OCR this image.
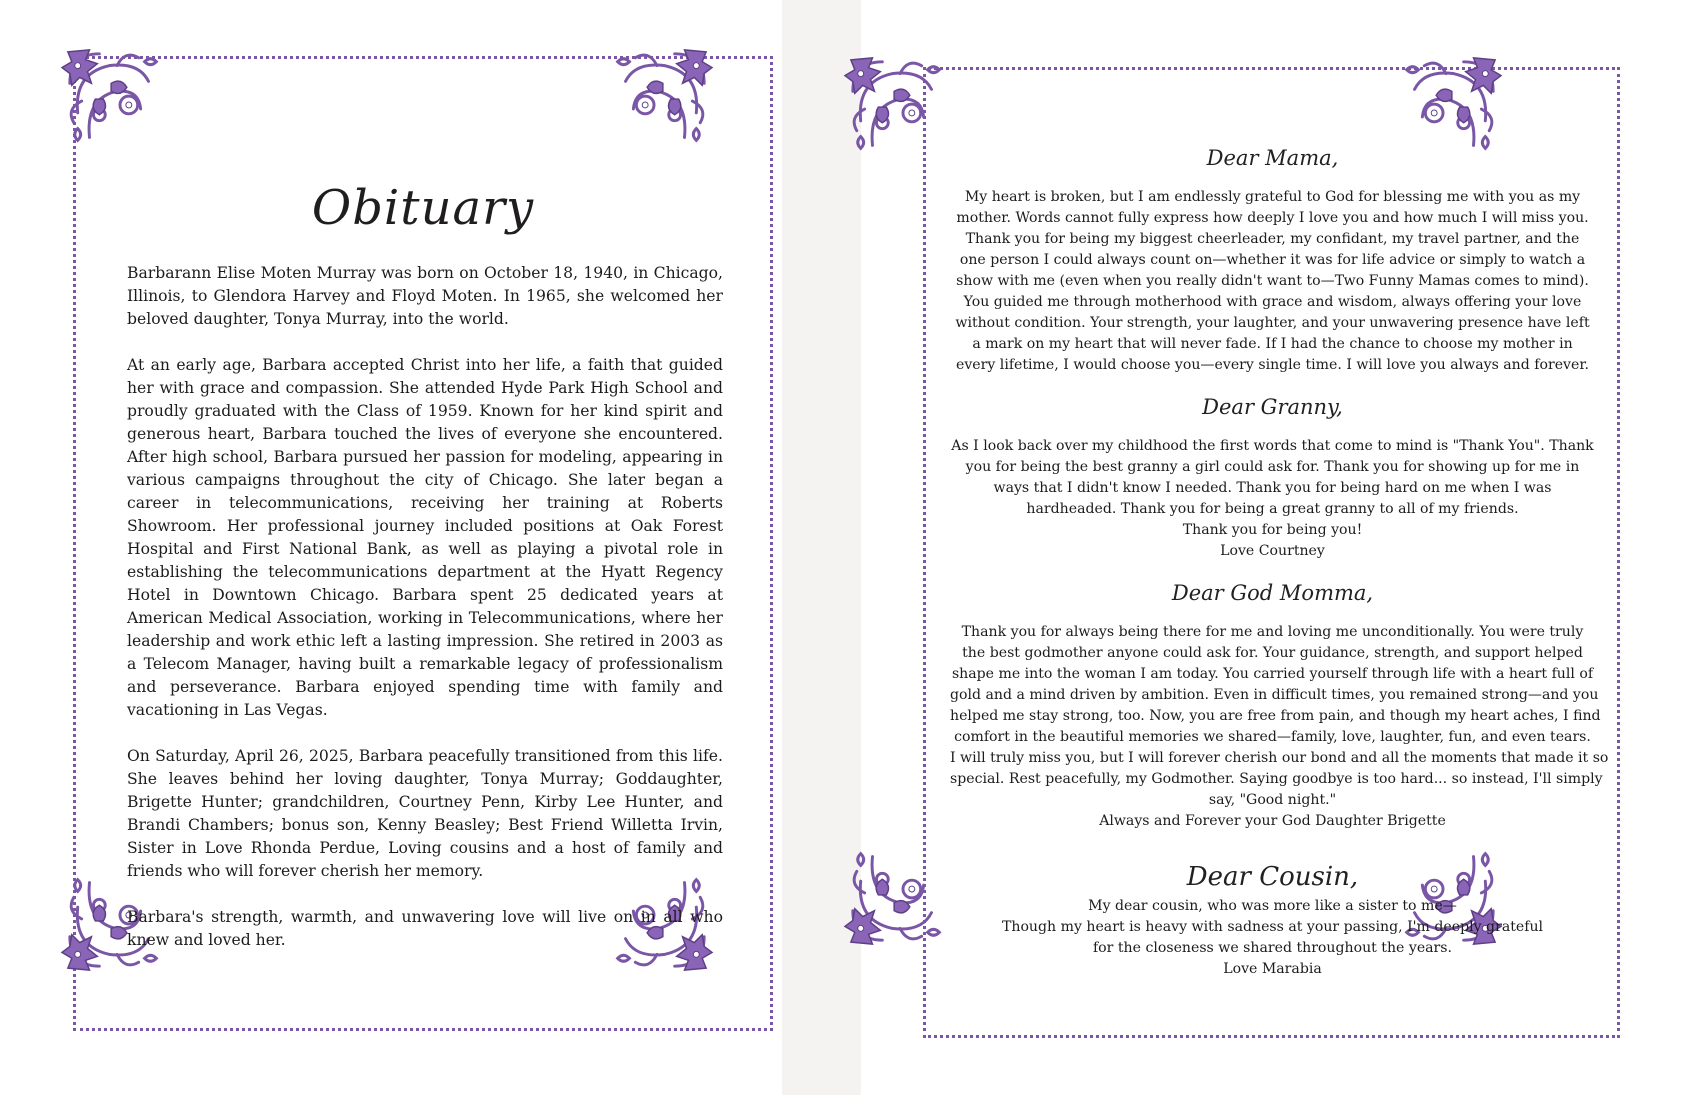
Obituary

Barbarann Elise Moten Murray was born on October 18, 1940, in Chicago, Illinois, to Glendora Harvey and Floyd Moten. In 1965, she welcomed her beloved daughter, Tonya Murray, into the world.

At an early age, Barbara accepted Christ into her life, a faith that guided her with grace and compassion. She attended Hyde Park High School and proudly graduated with the Class of 1959. Known for her kind spirit and generous heart, Barbara touched the lives of everyone she encountered. After high school, Barbara pursued her passion for modeling, appearing in various campaigns throughout the city of Chicago. She later began a career in telecommunications, receiving her training at Roberts Showroom. Her professional journey included positions at Oak Forest Hospital and First National Bank, as well as playing a pivotal role in establishing the telecommunications department at the Hyatt Regency Hotel in Downtown Chicago. Barbara spent 25 dedicated years at American Medical Association, working in Telecommunications, where her leadership and work ethic left a lasting impression. She retired in 2003 as a Telecom Manager, having built a remarkable legacy of professionalism and perseverance. Barbara enjoyed spending time with family and vacationing in Las Vegas.

On Saturday, April 26, 2025, Barbara peacefully transitioned from this life. She leaves behind her loving daughter, Tonya Murray; Goddaughter, Brigette Hunter; grandchildren, Courtney Penn, Kirby Lee Hunter, and Brandi Chambers; bonus son, Kenny Beasley; Best Friend Willetta Irvin, Sister in Love Rhonda Perdue, Loving cousins and a host of family and friends who will forever cherish her memory.

Barbara's strength, warmth, and unwavering love will live on in all who knew and loved her.

Dear Mama,
My heart is broken, but I am endlessly grateful to God for blessing me with you as my
mother. Words cannot fully express how deeply I love you and how much I will miss you.
Thank you for being my biggest cheerleader, my confidant, my travel partner, and the
one person I could always count on—whether it was for life advice or simply to watch a
show with me (even when you really didn't want to—Two Funny Mamas comes to mind).
You guided me through motherhood with grace and wisdom, always offering your love
without condition. Your strength, your laughter, and your unwavering presence have left
a mark on my heart that will never fade. If I had the chance to choose my mother in
every lifetime, I would choose you—every single time. I will love you always and forever.
Dear Granny,
As I look back over my childhood the first words that come to mind is "Thank You". Thank
you for being the best granny a girl could ask for. Thank you for showing up for me in
ways that I didn't know I needed. Thank you for being hard on me when I was
hardheaded. Thank you for being a great granny to all of my friends.
Thank you for being you!
Love Courtney
Dear God Momma,
Thank you for always being there for me and loving me unconditionally. You were truly
the best godmother anyone could ask for. Your guidance, strength, and support helped
shape me into the woman I am today. You carried yourself through life with a heart full of
gold and a mind driven by ambition. Even in difficult times, you remained strong—and you
helped me stay strong, too. Now, you are free from pain, and though my heart aches, I find
comfort in the beautiful memories we shared—family, love, laughter, fun, and even tears.
I will truly miss you, but I will forever cherish our bond and all the moments that made it so
special. Rest peacefully, my Godmother. Saying goodbye is too hard... so instead, I'll simply
say, "Good night."
Always and Forever your God Daughter Brigette
Dear Cousin,
My dear cousin, who was more like a sister to me—
Though my heart is heavy with sadness at your passing, I'm deeply grateful
for the closeness we shared throughout the years.
Love Marabia
